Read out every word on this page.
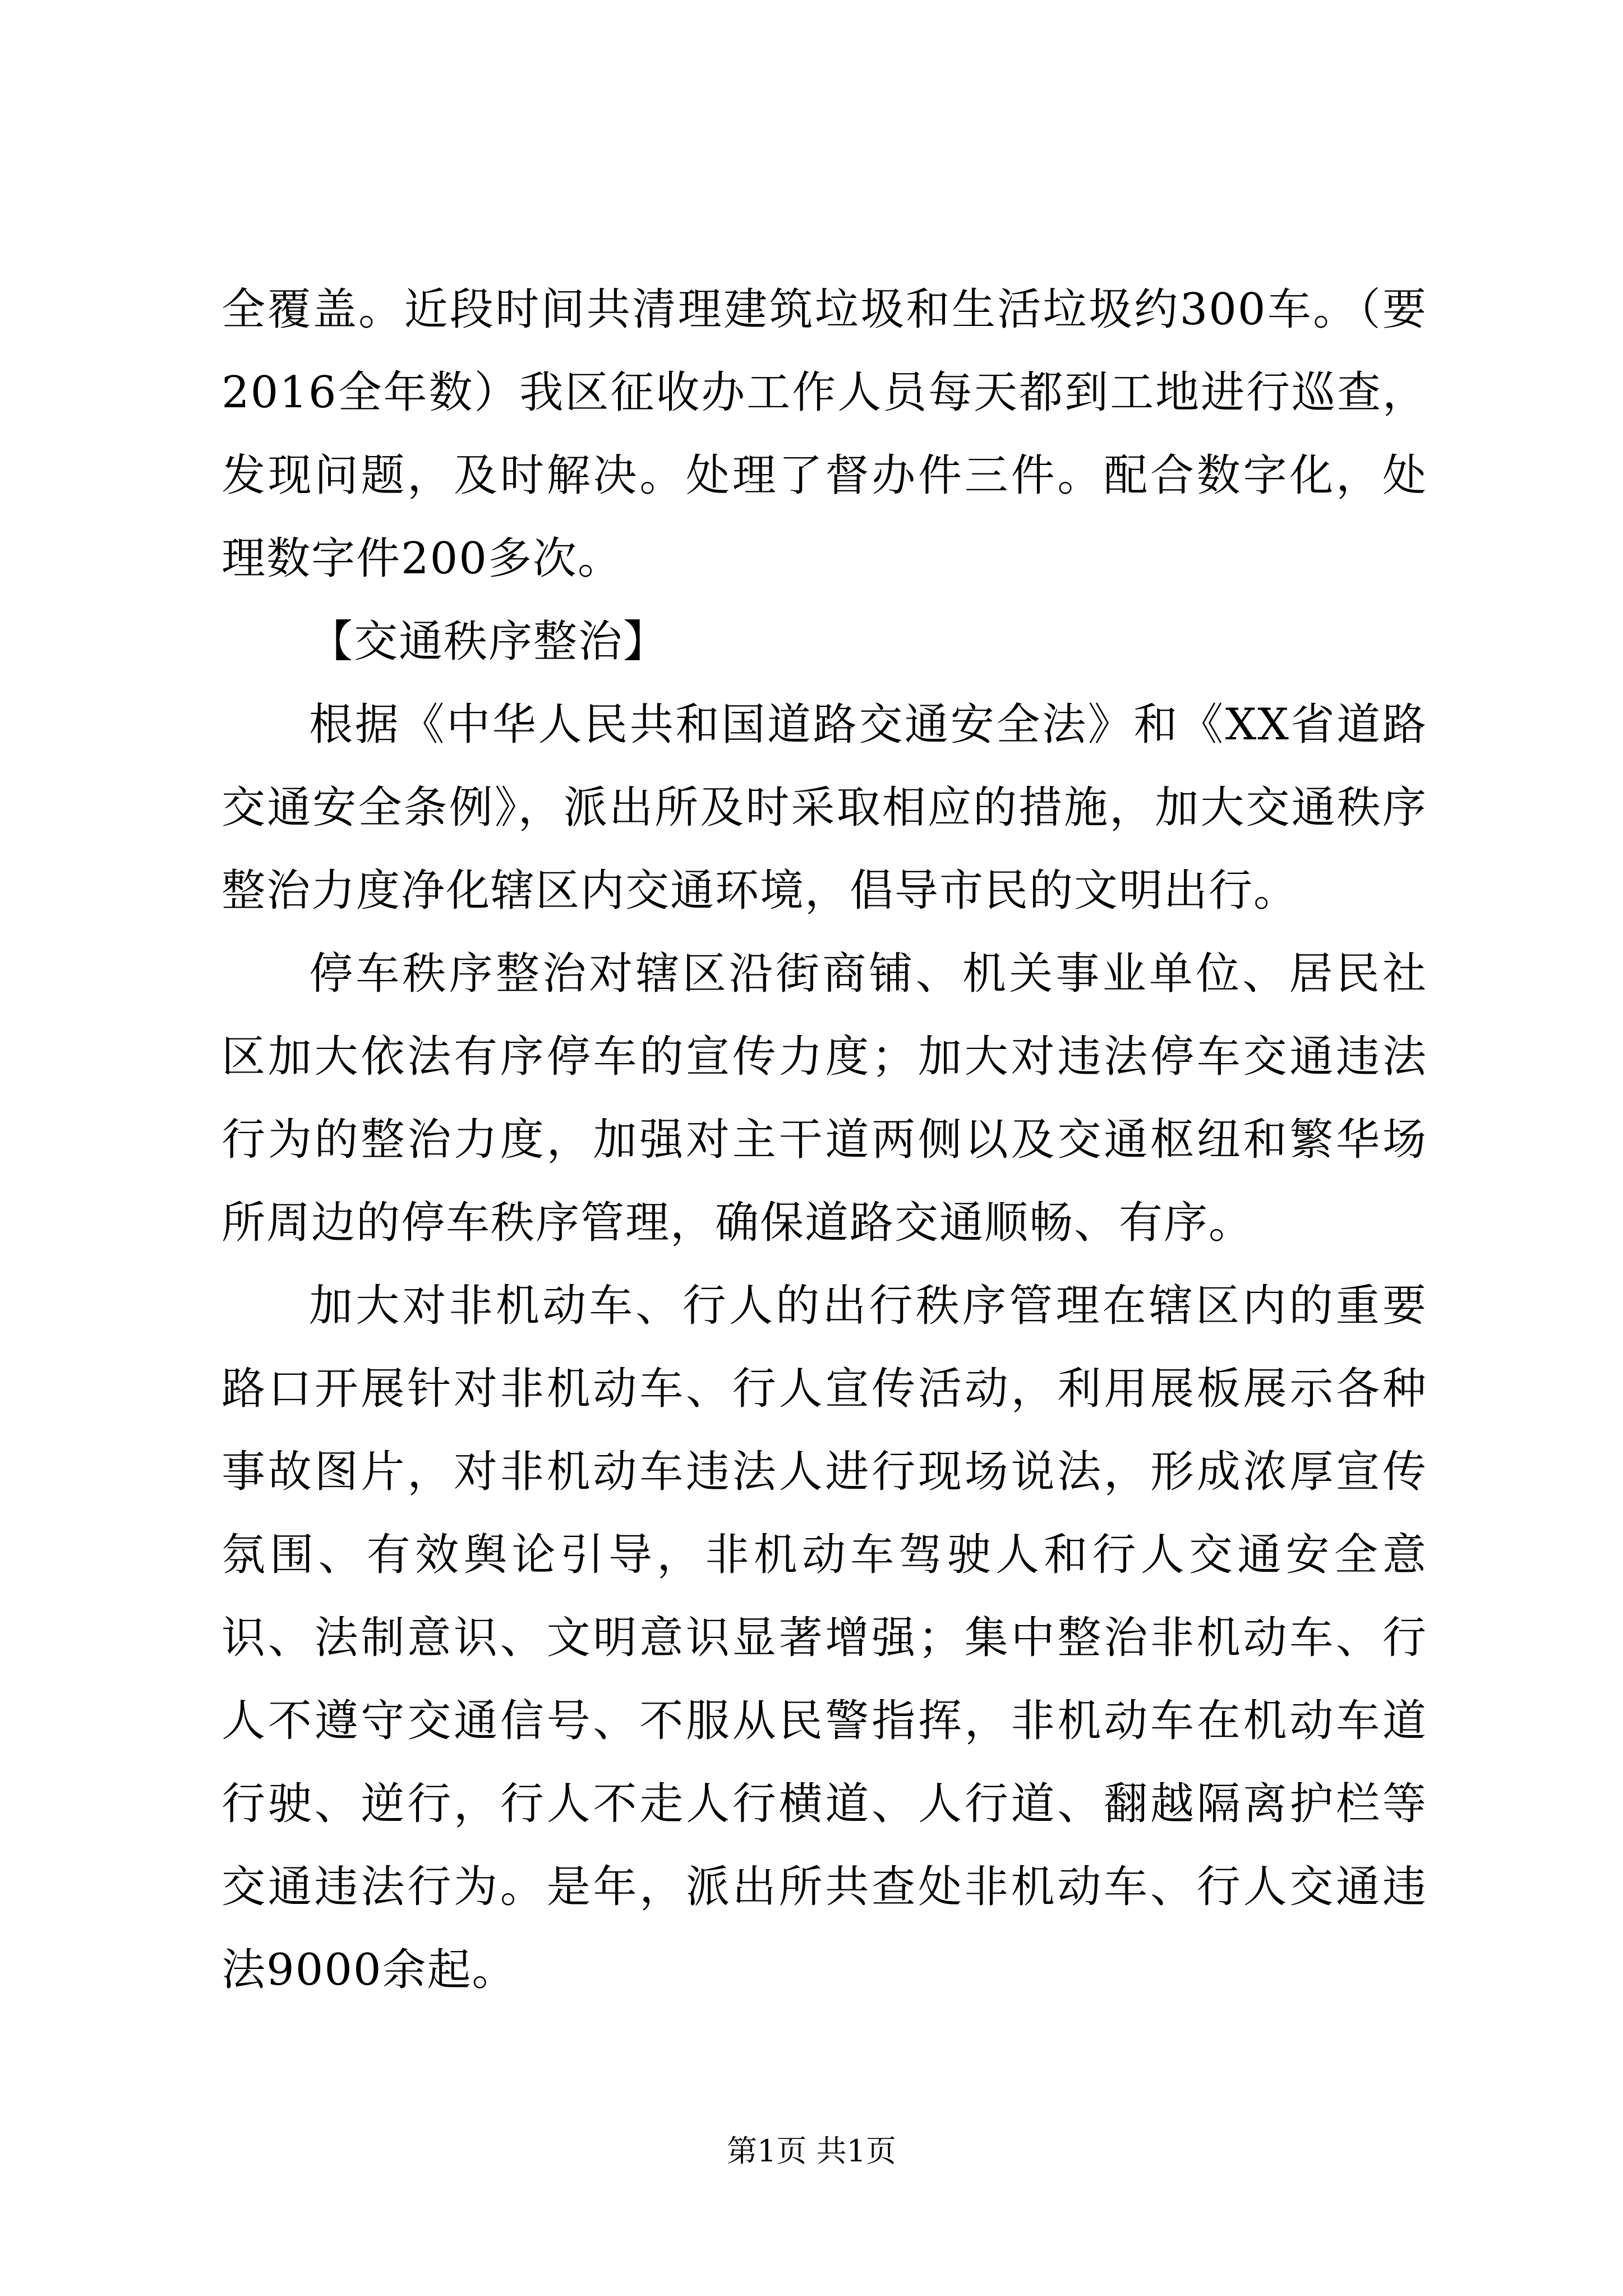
全覆盖。近段时间共清理建筑垃圾和生活垃圾约300车。（要2016全年数）我区征收办工作人员每天都到工地进行巡查，发现问题，及时解决。处理了督办件三件。配合数字化，处理数字件200多次。

【交通秩序整治】

根据《中华人民共和国道路交通安全法》和《XX省道路交通安全条例》，派出所及时采取相应的措施，加大交通秩序整治力度净化辖区内交通环境，倡导市民的文明出行。

停车秩序整治对辖区沿街商铺、机关事业单位、居民社区加大依法有序停车的宣传力度；加大对违法停车交通违法行为的整治力度，加强对主干道两侧以及交通枢纽和繁华场所周边的停车秩序管理，确保道路交通顺畅、有序。

加大对非机动车、行人的出行秩序管理在辖区内的重要路口开展针对非机动车、行人宣传活动，利用展板展示各种事故图片，对非机动车违法人进行现场说法，形成浓厚宣传氛围、有效舆论引导，非机动车驾驶人和行人交通安全意识、法制意识、文明意识显著增强；集中整治非机动车、行人不遵守交通信号、不服从民警指挥，非机动车在机动车道行驶、逆行，行人不走人行横道、人行道、翻越隔离护栏等交通违法行为。是年，派出所共查处非机动车、行人交通违法9000余起。

第1页 共1页
